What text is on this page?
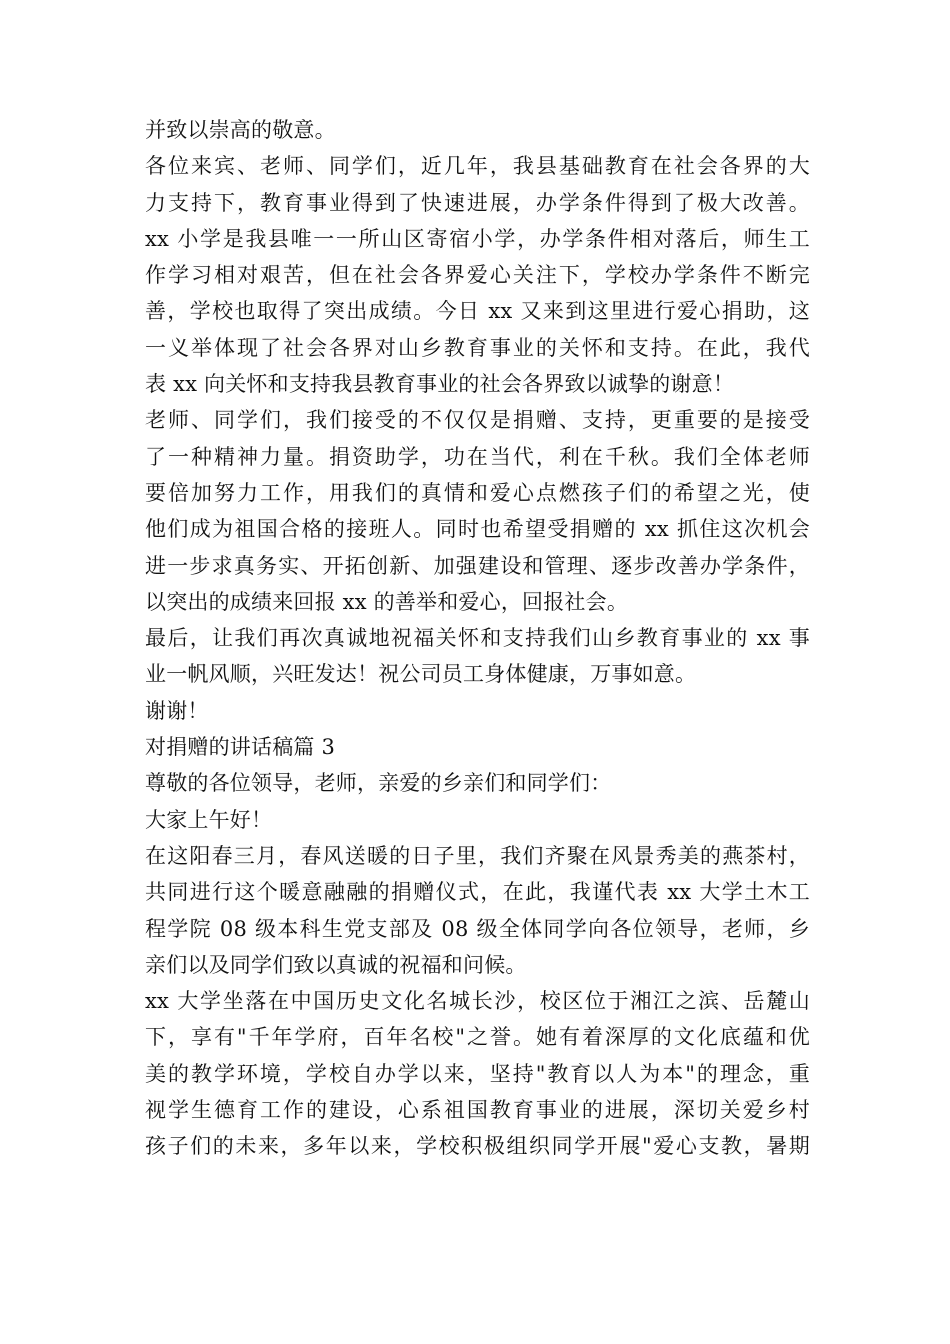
并致以崇高的敬意。
各位来宾、老师、同学们，近几年，我县基础教育在社会各界的大
力支持下，教育事业得到了快速进展，办学条件得到了极大改善。
xx 小学是我县唯一一所山区寄宿小学，办学条件相对落后，师生工
作学习相对艰苦，但在社会各界爱心关注下，学校办学条件不断完
善，学校也取得了突出成绩。今日 xx 又来到这里进行爱心捐助，这
一义举体现了社会各界对山乡教育事业的关怀和支持。在此，我代
表 xx 向关怀和支持我县教育事业的社会各界致以诚挚的谢意！
老师、同学们，我们接受的不仅仅是捐赠、支持，更重要的是接受
了一种精神力量。捐资助学，功在当代，利在千秋。我们全体老师
要倍加努力工作，用我们的真情和爱心点燃孩子们的希望之光，使
他们成为祖国合格的接班人。同时也希望受捐赠的 xx 抓住这次机会
进一步求真务实、开拓创新、加强建设和管理、逐步改善办学条件，
以突出的成绩来回报 xx 的善举和爱心，回报社会。
最后，让我们再次真诚地祝福关怀和支持我们山乡教育事业的 xx 事
业一帆风顺，兴旺发达！祝公司员工身体健康，万事如意。
谢谢！
对捐赠的讲话稿篇 3
尊敬的各位领导，老师，亲爱的乡亲们和同学们：
大家上午好！
在这阳春三月，春风送暖的日子里，我们齐聚在风景秀美的燕茶村，
共同进行这个暖意融融的捐赠仪式，在此，我谨代表 xx 大学土木工
程学院 08 级本科生党支部及 08 级全体同学向各位领导，老师，乡
亲们以及同学们致以真诚的祝福和问候。
xx 大学坐落在中国历史文化名城长沙，校区位于湘江之滨、岳麓山
下，享有"千年学府，百年名校"之誉。她有着深厚的文化底蕴和优
美的教学环境，学校自办学以来，坚持"教育以人为本"的理念，重
视学生德育工作的建设，心系祖国教育事业的进展，深切关爱乡村
孩子们的未来，多年以来，学校积极组织同学开展"爱心支教，暑期
